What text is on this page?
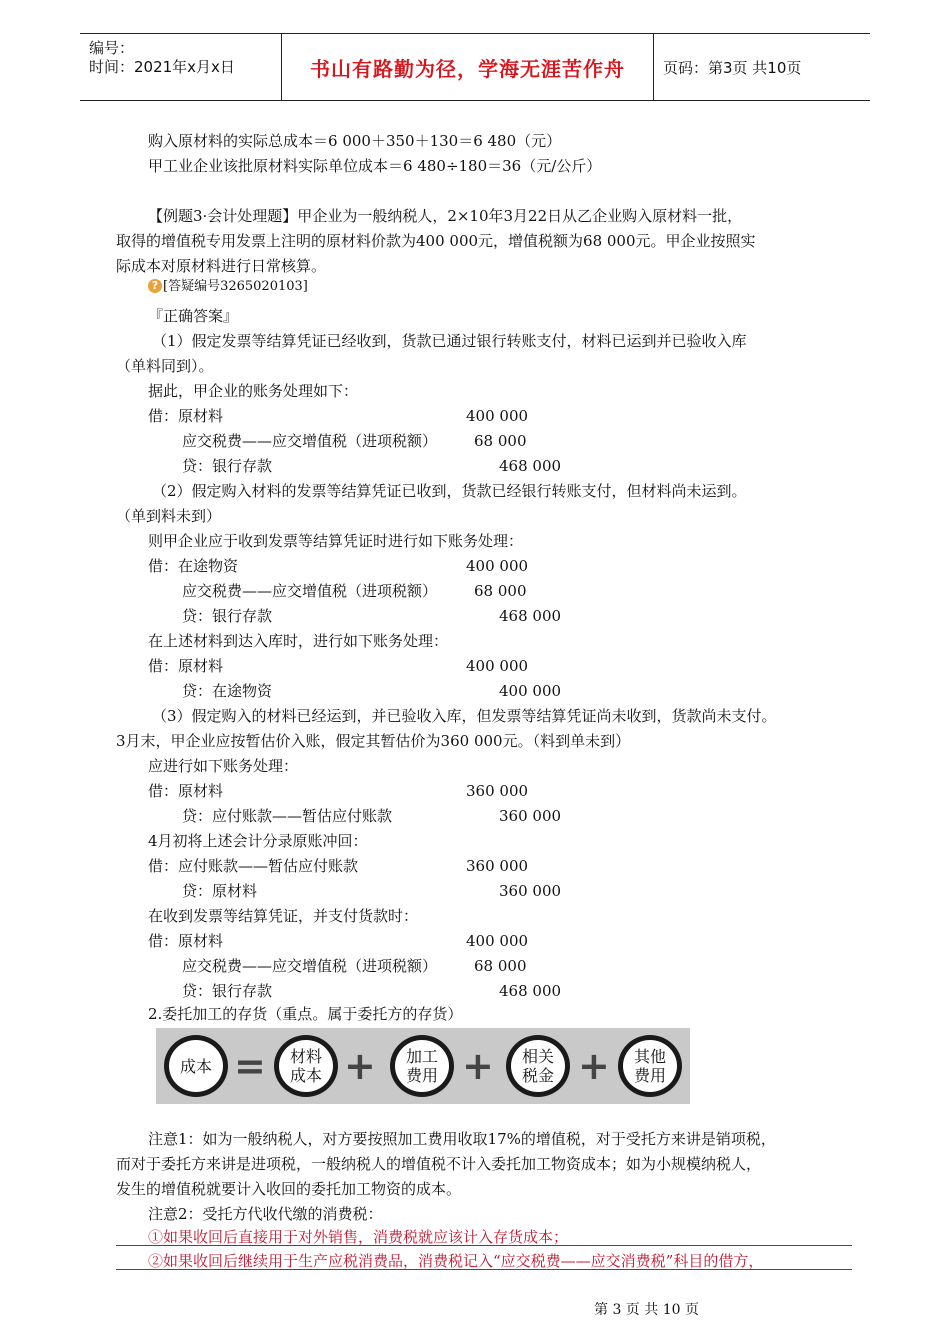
编号：
时间：2021年x月x日	书山有路勤为径，学海无涯苦作舟	页码：第3页 共10页
购入原材料的实际总成本＝6 000＋350＋130＝6 480（元）
甲工业企业该批原材料实际单位成本＝6 480÷180＝36（元/公斤）
【例题3·会计处理题】甲企业为一般纳税人，2×10年3月22日从乙企业购入原材料一批，
取得的增值税专用发票上注明的原材料价款为400 000元，增值税额为68 000元。甲企业按照实
际成本对原材料进行日常核算。
? [答疑编号3265020103]
『正确答案』
（1）假定发票等结算凭证已经收到，货款已通过银行转账支付，材料已运到并已验收入库
（单料同到）。
据此，甲企业的账务处理如下：
借：原材料	400 000
应交税费——应交增值税（进项税额） 68 000
贷：银行存款	468 000
（2）假定购入材料的发票等结算凭证已收到，货款已经银行转账支付，但材料尚未运到。
（单到料未到）
则甲企业应于收到发票等结算凭证时进行如下账务处理：
借：在途物资	400 000
应交税费——应交增值税（进项税额） 68 000
贷：银行存款	468 000
在上述材料到达入库时，进行如下账务处理：
借：原材料	400 000
贷：在途物资	400 000
（3）假定购入的材料已经运到，并已验收入库，但发票等结算凭证尚未收到，货款尚未支付。
3月末，甲企业应按暂估价入账，假定其暂估价为360 000元。（料到单未到）
应进行如下账务处理：
借：原材料	360 000
贷：应付账款——暂估应付账款	360 000
4月初将上述会计分录原账冲回：
借：应付账款——暂估应付账款	360 000
贷：原材料	360 000
在收到发票等结算凭证，并支付货款时：
借：原材料	400 000
应交税费——应交增值税（进项税额） 68 000
贷：银行存款	468 000
2.委托加工的存货（重点。属于委托方的存货）
成本 = 材料
成本 + 加工
费用 + 相关
税金 + 其他
费用
注意1：如为一般纳税人，对方要按照加工费用收取17%的增值税，对于受托方来讲是销项税，
而对于委托方来讲是进项税，一般纳税人的增值税不计入委托加工物资成本；如为小规模纳税人，
发生的增值税就要计入收回的委托加工物资的成本。
注意2：受托方代收代缴的消费税：
①如果收回后直接用于对外销售，消费税就应该计入存货成本；
②如果收回后继续用于生产应税消费品，消费税记入“应交税费——应交消费税”科目的借方，
第 3 页 共 10 页
